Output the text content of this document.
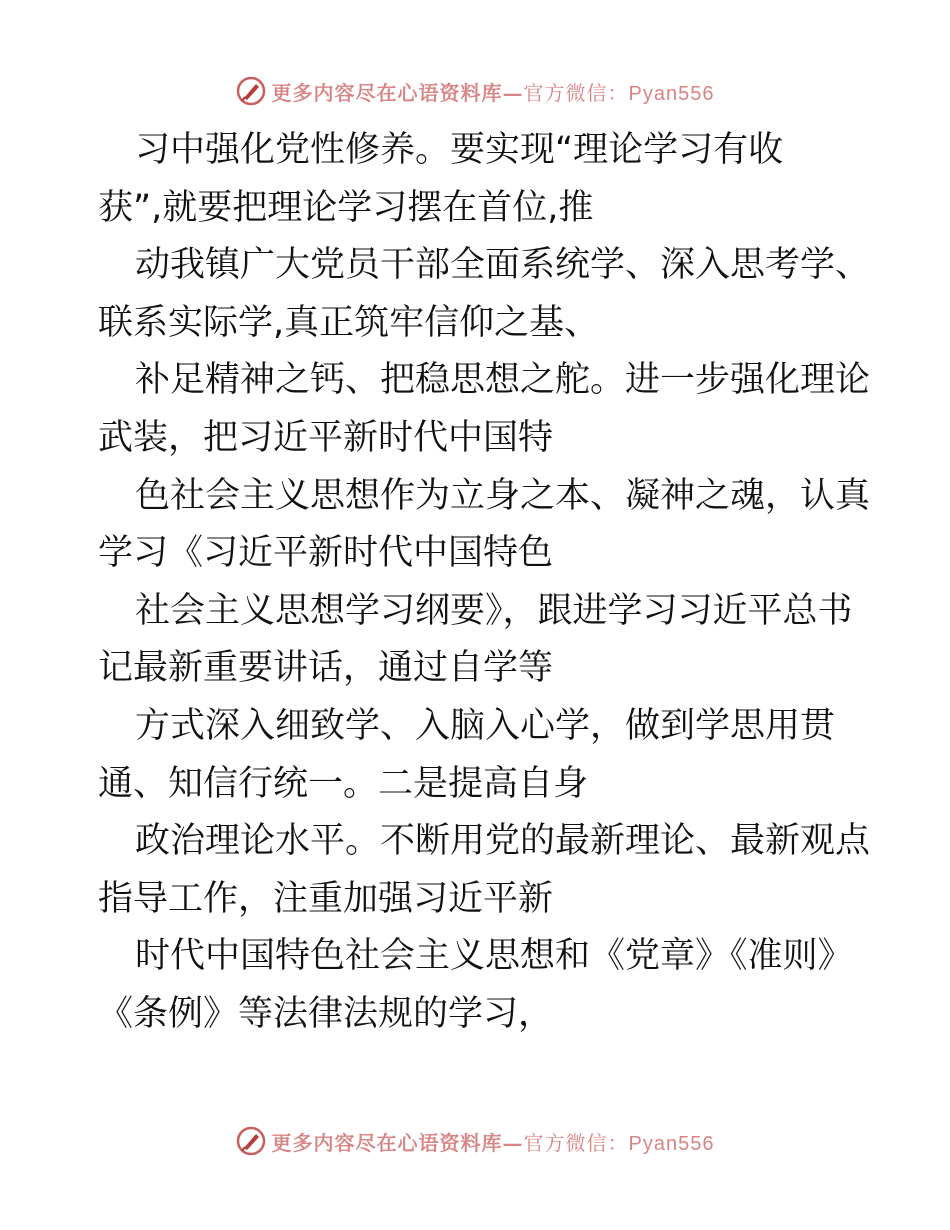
更多内容尽在心语资料库—官方微信：Pyan556
习中强化党性修养。要实现“理论学习有收
获”,就要把理论学习摆在首位,推
动我镇广大党员干部全面系统学、深入思考学、
联系实际学,真正筑牢信仰之基、
补足精神之钙、把稳思想之舵。进一步强化理论
武装，把习近平新时代中国特
色社会主义思想作为立身之本、凝神之魂，认真
学习《习近平新时代中国特色
社会主义思想学习纲要》，跟进学习习近平总书
记最新重要讲话，通过自学等
方式深入细致学、入脑入心学，做到学思用贯
通、知信行统一。二是提高自身
政治理论水平。不断用党的最新理论、最新观点
指导工作，注重加强习近平新
时代中国特色社会主义思想和《党章》《准则》
《条例》等法律法规的学习，
更多内容尽在心语资料库—官方微信：Pyan556
